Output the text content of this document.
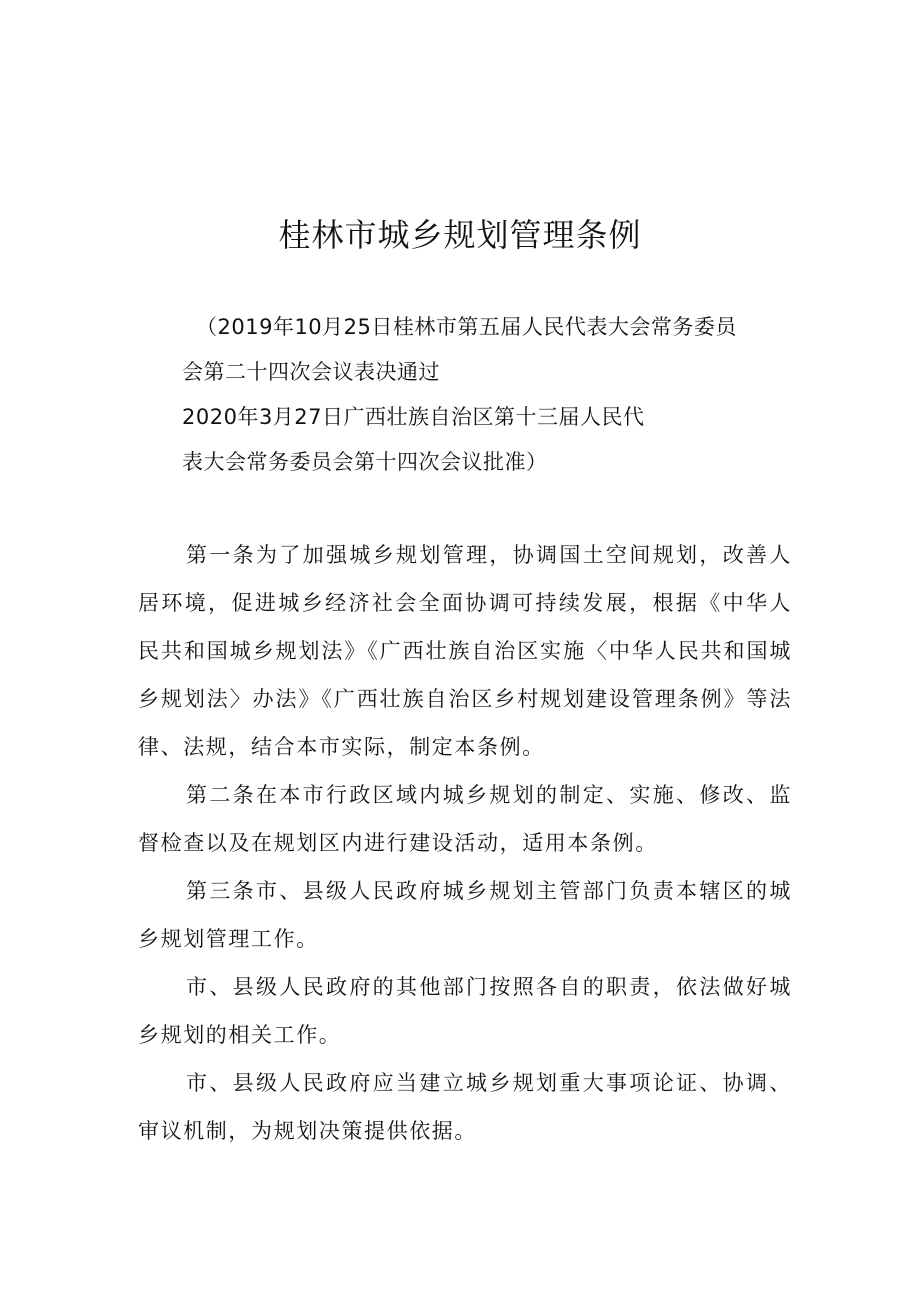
桂林市城乡规划管理条例

（2019年10月25日桂林市第五届人民代表大会常务委员

会第二十四次会议表决通过

2020年3月27日广西壮族自治区第十三届人民代

表大会常务委员会第十四次会议批准）

第一条为了加强城乡规划管理，协调国土空间规划，改善人居环境，促进城乡经济社会全面协调可持续发展，根据《中华人民共和国城乡规划法》《广西壮族自治区实施〈中华人民共和国城乡规划法〉办法》《广西壮族自治区乡村规划建设管理条例》等法律、法规，结合本市实际，制定本条例。

第二条在本市行政区域内城乡规划的制定、实施、修改、监督检查以及在规划区内进行建设活动，适用本条例。

第三条市、县级人民政府城乡规划主管部门负责本辖区的城乡规划管理工作。

市、县级人民政府的其他部门按照各自的职责，依法做好城乡规划的相关工作。

市、县级人民政府应当建立城乡规划重大事项论证、协调、审议机制，为规划决策提供依据。
